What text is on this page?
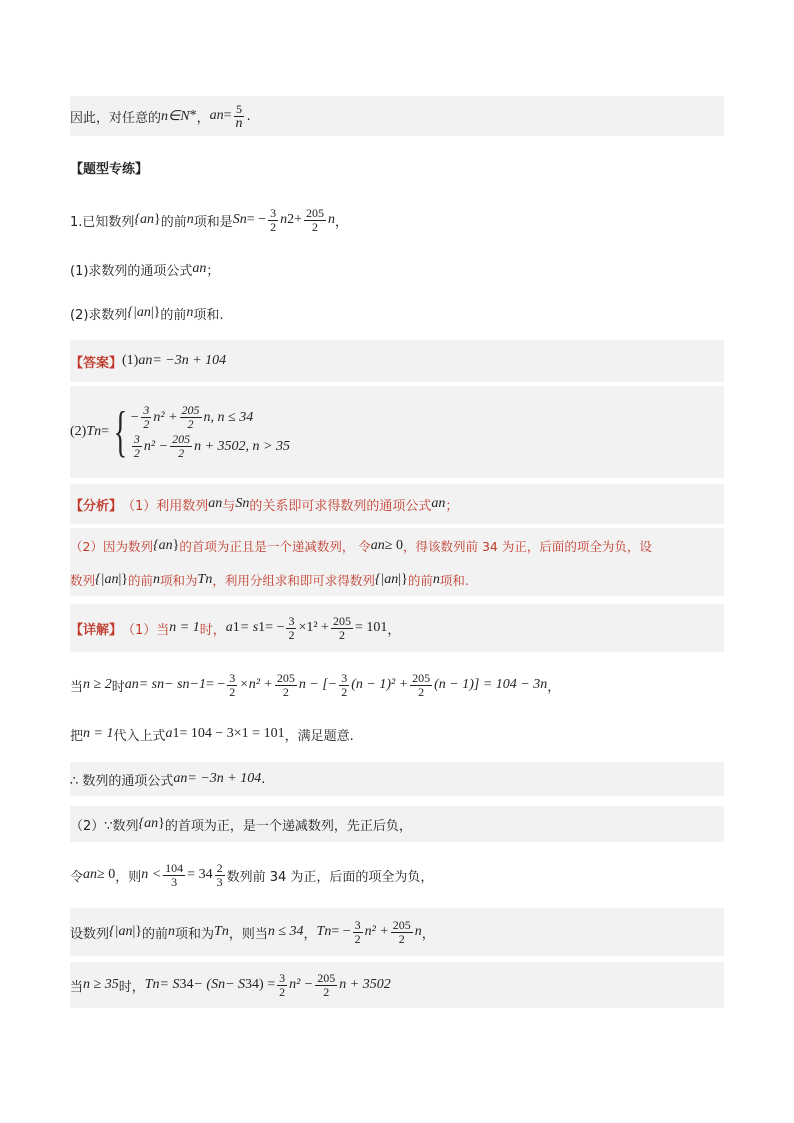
因此，对任意的 n∈N * ， a $n = \frac{5}{n}$ .
【题型专练】
1.已知数列 {a n } 的前 n 项和是 S n = − $\frac{3}{2}$ n $2 + \frac{205}{2}$ n ，
(1)求数列的通项公式 a n ；
(2)求数列 {|a n |} 的前 n 项和.
【答案】 (1) a n = −3n + 104
(2) T n = { − $\frac{3}{2} n^2 + \frac{205}{2} n$, n ≤ 34
$\frac{3}{2} n^2 - \frac{205}{2}$ n + 3502, n > 35
【分析】 （1）利用数列 a n 与 S n 的关系即可求得数列的通项公式 a n ；
（2）因为数列 {a n } 的首项为正且是一个递减数列， 令 a n ≥ 0 ，得该数列前 34 为正，后面的项全为负，设
数列 {|a n |} 的前 n 项和为 T n ，利用分组求和即可求得数列 {|a n |} 的前 n 项和.
【详解】 （1）当 n = 1 时， a 1 = s 1 = − $\frac{3}{2} \times 1^2 + \frac{205}{2} = 101$ ，
当 n ≥ 2 时 a n = s n − s n−1 = − $\frac{3}{2} \times n^2 + \frac{205}{2}$ n − [− $\frac{3}{2} (n - 1)^2 + \frac{205}{2} (n - 1)] = 104 - 3n$ ，
把 n = 1 代入上式 a 1 = 104 − 3×1 = 101 ，满足题意.
∴ 数列的通项公式 a n = −3n + 104 .
（2）∵数列 {a n } 的首项为正，是一个递减数列，先正后负，
令 a n ≥ 0 ，则 $n < \frac{104}{3} = 34 \frac{2}{3}$ 数列前 34 为正，后面的项全为负，
设数列 {|a n |} 的前 n 项和为 T n ，则当 n ≤ 34 ， T n = − $\frac{3}{2} n^2 + \frac{205}{2}$ n ，
当 n ≥ 35 时， T n = S 34 − (S n − S 34 ) = $\frac{3}{2} n^2 - \frac{205}{2}$ n + 3502
